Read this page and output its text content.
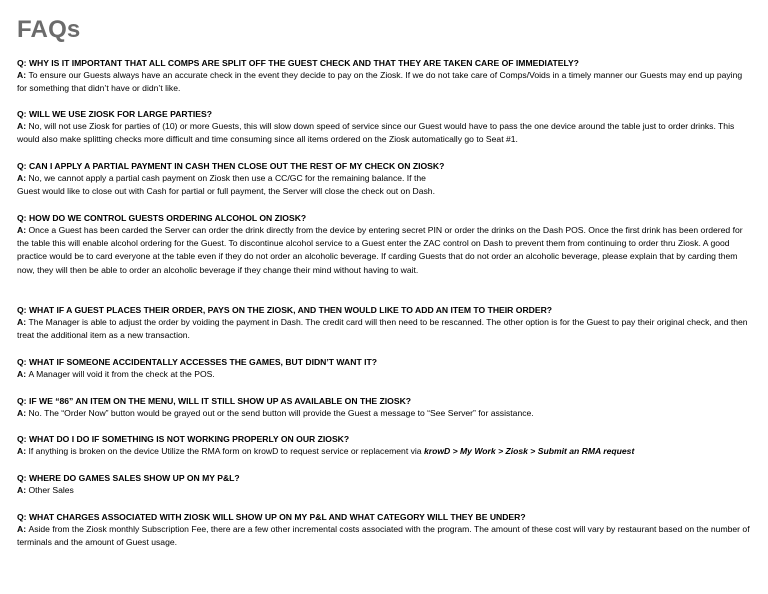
FAQs
Q: WHY IS IT IMPORTANT THAT ALL COMPS ARE SPLIT OFF THE GUEST CHECK AND THAT THEY ARE TAKEN CARE OF IMMEDIATELY?
A: To ensure our Guests always have an accurate check in the event they decide to pay on the Ziosk. If we do not take care of Comps/Voids in a timely manner our Guests may end up paying for something that didn’t have or didn’t like.
Q: WILL WE USE ZIOSK FOR LARGE PARTIES?
A: No, will not use Ziosk for parties of (10) or more Guests, this will slow down speed of service since our Guest would have to pass the one device around the table just to order drinks. This would also make splitting checks more difficult and time consuming since all items ordered on the Ziosk automatically go to Seat #1.
Q: CAN I APPLY A PARTIAL PAYMENT IN CASH THEN CLOSE OUT THE REST OF MY CHECK ON ZIOSK?
A: No, we cannot apply a partial cash payment on Ziosk then use a CC/GC for the remaining balance. If the
Guest would like to close out with Cash for partial or full payment, the Server will close the check out on Dash.
Q: HOW DO WE CONTROL GUESTS ORDERING ALCOHOL ON ZIOSK?
A: Once a Guest has been carded the Server can order the drink directly from the device by entering secret PIN or order the drinks on the Dash POS. Once the first drink has been ordered for the table this will enable alcohol ordering for the Guest. To discontinue alcohol service to a Guest enter the ZAC control on Dash to prevent them from continuing to order thru Ziosk. A good practice would be to card everyone at the table even if they do not order an alcoholic beverage. If carding Guests that do not order an alcoholic beverage, please explain that by carding them now, they will then be able to order an alcoholic beverage if they change their mind without having to wait.
Q: WHAT IF A GUEST PLACES THEIR ORDER, PAYS ON THE ZIOSK, AND THEN WOULD LIKE TO ADD AN ITEM TO THEIR ORDER?
A: The Manager is able to adjust the order by voiding the payment in Dash. The credit card will then need to be rescanned. The other option is for the Guest to pay their original check, and then treat the additional item as a new transaction.
Q: WHAT IF SOMEONE ACCIDENTALLY ACCESSES THE GAMES, BUT DIDN’T WANT IT?
A: A Manager will void it from the check at the POS.
Q: IF WE “86” AN ITEM ON THE MENU, WILL IT STILL SHOW UP AS AVAILABLE ON THE ZIOSK?
A: No. The “Order Now” button would be grayed out or the send button will provide the Guest a message to “See Server” for assistance.
Q: WHAT DO I DO IF SOMETHING IS NOT WORKING PROPERLY ON OUR ZIOSK?
A: If anything is broken on the device Utilize the RMA form on krowD to request service or replacement via krowD > My Work > Ziosk > Submit an RMA request
Q: WHERE DO GAMES SALES SHOW UP ON MY P&L?
A: Other Sales
Q: WHAT CHARGES ASSOCIATED WITH ZIOSK WILL SHOW UP ON MY P&L AND WHAT CATEGORY WILL THEY BE UNDER?
A: Aside from the Ziosk monthly Subscription Fee, there are a few other incremental costs associated with the program. The amount of these cost will vary by restaurant based on the number of terminals and the amount of Guest usage.
